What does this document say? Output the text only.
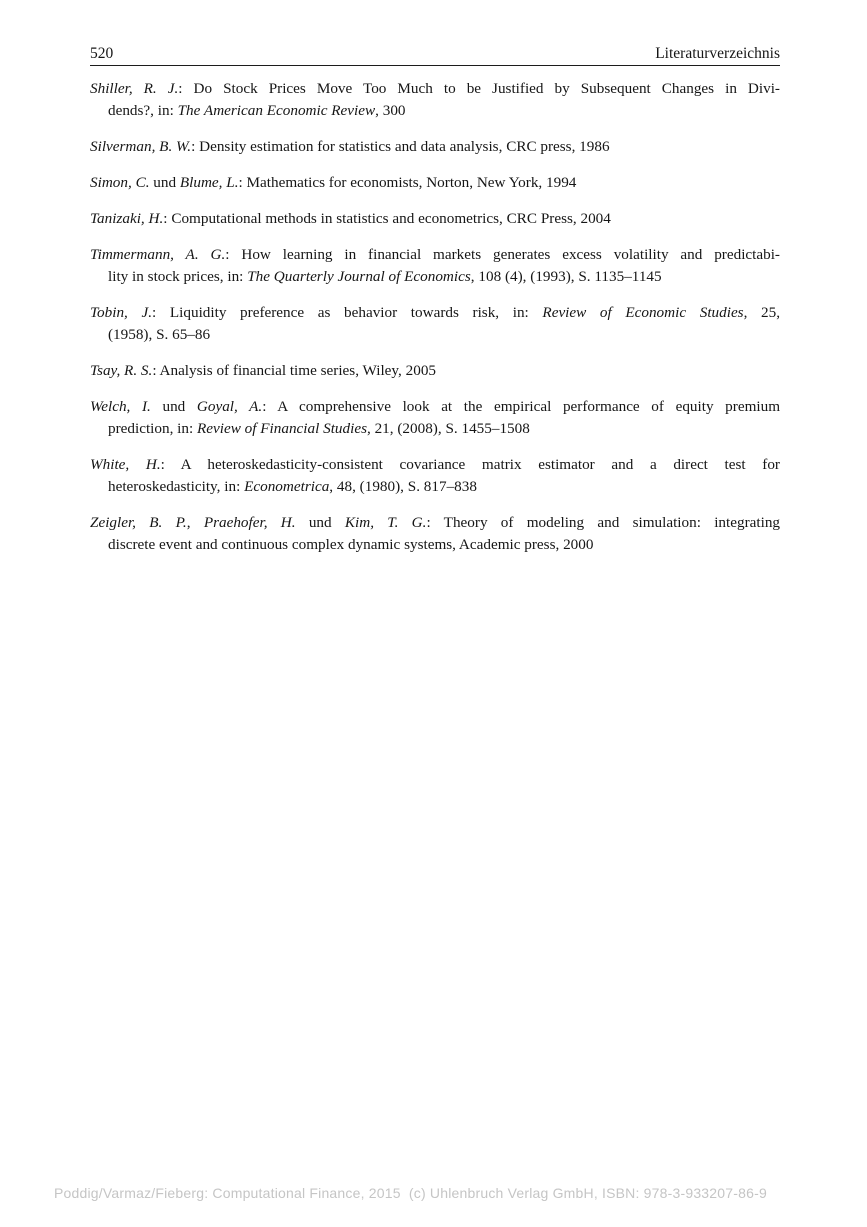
520	Literaturverzeichnis
Shiller, R. J.: Do Stock Prices Move Too Much to be Justified by Subsequent Changes in Divi-
dends?, in: The American Economic Review, 300
Silverman, B. W.: Density estimation for statistics and data analysis, CRC press, 1986
Simon, C. und Blume, L.: Mathematics for economists, Norton, New York, 1994
Tanizaki, H.: Computational methods in statistics and econometrics, CRC Press, 2004
Timmermann, A. G.: How learning in financial markets generates excess volatility and predictabi-
lity in stock prices, in: The Quarterly Journal of Economics, 108 (4), (1993), S. 1135–1145
Tobin, J.: Liquidity preference as behavior towards risk, in: Review of Economic Studies, 25,
(1958), S. 65–86
Tsay, R. S.: Analysis of financial time series, Wiley, 2005
Welch, I. und Goyal, A.: A comprehensive look at the empirical performance of equity premium
prediction, in: Review of Financial Studies, 21, (2008), S. 1455–1508
White, H.: A heteroskedasticity-consistent covariance matrix estimator and a direct test for
heteroskedasticity, in: Econometrica, 48, (1980), S. 817–838
Zeigler, B. P., Praehofer, H. und Kim, T. G.: Theory of modeling and simulation: integrating
discrete event and continuous complex dynamic systems, Academic press, 2000
Poddig/Varmaz/Fieberg: Computational Finance, 2015  (c) Uhlenbruch Verlag GmbH, ISBN: 978-3-933207-86-9
